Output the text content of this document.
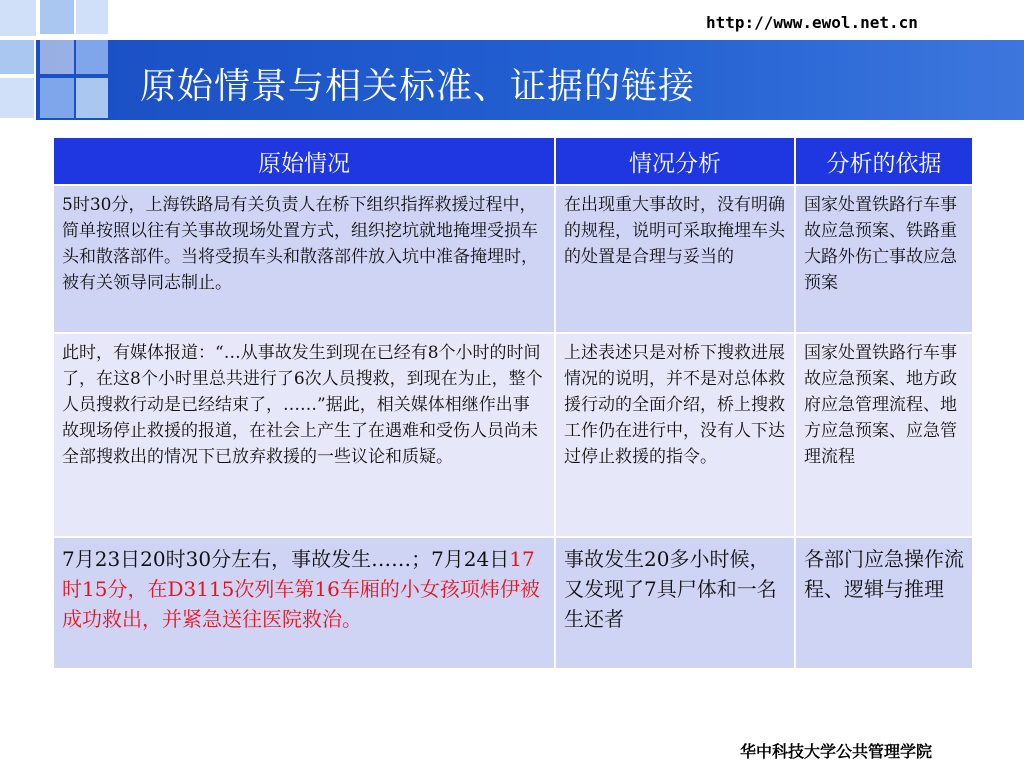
http://www.ewol.net.cn
原始情景与相关标准、证据的链接
原始情况	情况分析	分析的依据
5时30分，上海铁路局有关负责人在桥下组织指挥救援过程中，简单按照以往有关事故现场处置方式，组织挖坑就地掩埋受损车头和散落部件。当将受损车头和散落部件放入坑中准备掩埋时，被有关领导同志制止。	在出现重大事故时，没有明确的规程，说明可采取掩埋车头的处置是合理与妥当的	国家处置铁路行车事故应急预案、铁路重大路外伤亡事故应急预案
此时，有媒体报道：“…从事故发生到现在已经有8个小时的时间了，在这8个小时里总共进行了6次人员搜救，到现在为止，整个人员搜救行动是已经结束了，……”据此，相关媒体相继作出事故现场停止救援的报道，在社会上产生了在遇难和受伤人员尚未全部搜救出的情况下已放弃救援的一些议论和质疑。	上述表述只是对桥下搜救进展情况的说明，并不是对总体救援行动的全面介绍，桥上搜救工作仍在进行中，没有人下达过停止救援的指令。	国家处置铁路行车事故应急预案、地方政府应急管理流程、地方应急预案、应急管理流程
7月23日20时30分左右，事故发生……；7月24日17时15分，在D3115次列车第16车厢的小女孩项炜伊被成功救出，并紧急送往医院救治。	事故发生20多小时候，又发现了7具尸体和一名生还者	各部门应急操作流程、逻辑与推理
华中科技大学公共管理学院
